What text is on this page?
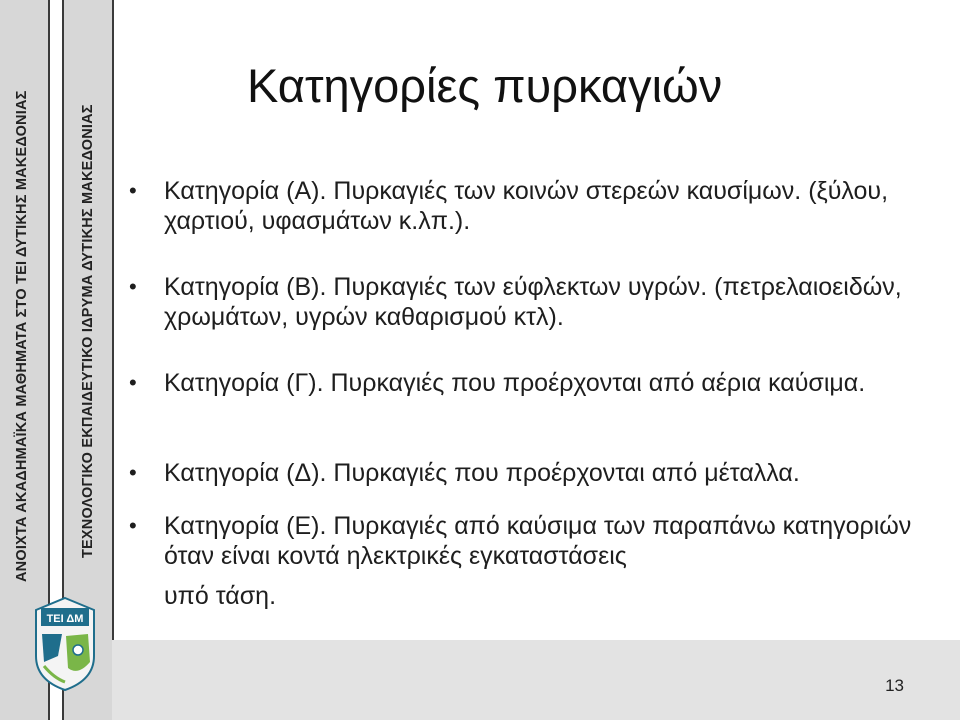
ΑΝΟΙΧΤΑ ΑΚΑΔΗΜΑΪΚΑ ΜΑΘΗΜΑΤΑ ΣΤΟ ΤΕΙ ΔΥΤΙΚΗΣ ΜΑΚΕΔΟΝΙΑΣ	ΤΕΧΝΟΛΟΓΙΚΟ ΕΚΠΑΙΔΕΥΤΙΚΟ ΙΔΡΥΜΑ ΔΥΤΙΚΗΣ ΜΑΚΕΔΟΝΙΑΣ
13
ΤΕΙ ΔΜ
Κατηγορίες πυρκαγιών
• Κατηγορία (Α). Πυρκαγιές των κοινών στερεών καυσίμων. (ξύλου, χαρτιού, υφασμάτων κ.λπ.).
• Κατηγορία (Β). Πυρκαγιές των εύφλεκτων υγρών. (πετρελαιοειδών, χρωμάτων, υγρών καθαρισμού κτλ).
• Κατηγορία (Γ). Πυρκαγιές που προέρχονται από αέρια καύσιμα.
• Κατηγορία (Δ). Πυρκαγιές που προέρχονται από μέταλλα.
• Κατηγορία (Ε). Πυρκαγιές από καύσιμα των παραπάνω κατηγοριών όταν είναι κοντά ηλεκτρικές εγκαταστάσεις
υπό τάση.
